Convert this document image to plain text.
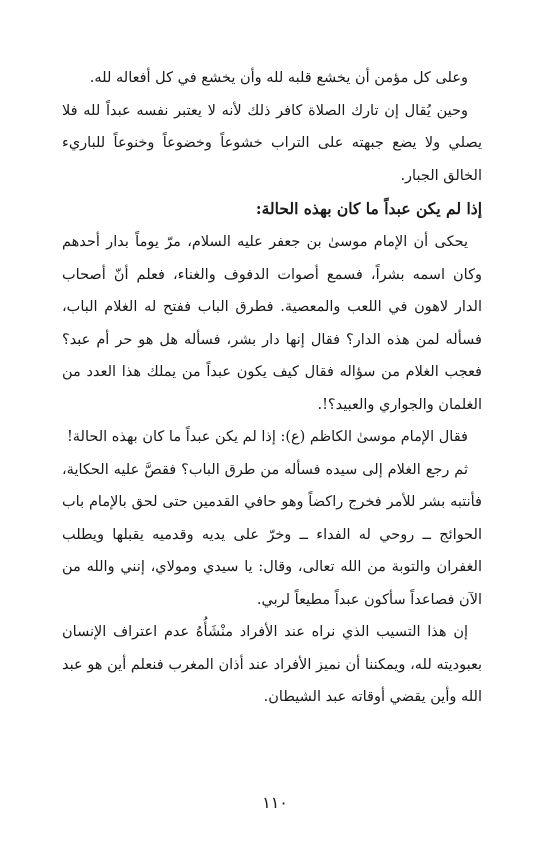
وعلى كل مؤمن أن يخشع قلبه لله وأن يخشع في كل أفعاله لله.

وحين يُقال إن تارك الصلاة كافر ذلك لأنه لا يعتبر نفسه عبداً لله فلا يصلي ولا يضع جبهته على التراب خشوعاً وخضوعاً وخنوعاً للباريء الخالق الجبار.

إذا لم يكن عبداً ما كان بهذه الحالة:

يحكى أن الإمام موسىٰ بن جعفر عليه السلام، مرّ يوماً بدار أحدهم وكان اسمه بشراً، فسمع أصوات الدفوف والغناء، فعلم أنّ أصحاب الدار لاهون في اللعب والمعصية. فطرق الباب ففتح له الغلام الباب، فسأله لمن هذه الدار؟ فقال إنها دار بشر، فسأله هل هو حر أم عبد؟ فعجب الغلام من سؤاله فقال كيف يكون عبداً من يملك هذا العدد من الغلمان والجواري والعبيد؟!.

فقال الإمام موسىٰ الكاظم (ع): إذا لم يكن عبداً ما كان بهذه الحالة!

ثم رجع الغلام إلى سيده فسأله من طرق الباب؟ فقصَّ عليه الحكاية، فأنتبه بشر للأمر فخرج راكضاً وهو حافي القدمين حتى لحق بالإمام باب الحوائج ــ روحي له الفداء ــ وخرّ على يديه وقدميه يقبلها ويطلب الغفران والتوبة من الله تعالى، وقال: يا سيدي ومولاي، إنني والله من الآن فصاعداً سأكون عبداً مطيعاً لربي.

إن هذا التسيب الذي نراه عند الأفراد منْشَأُهُ عدم اعتراف الإنسان بعبوديته لله، ويمكننا أن نميز الأفراد عند أذان المغرب فنعلم أين هو عبد الله وأين يقضي أوقاته عبد الشيطان.

١١٠
